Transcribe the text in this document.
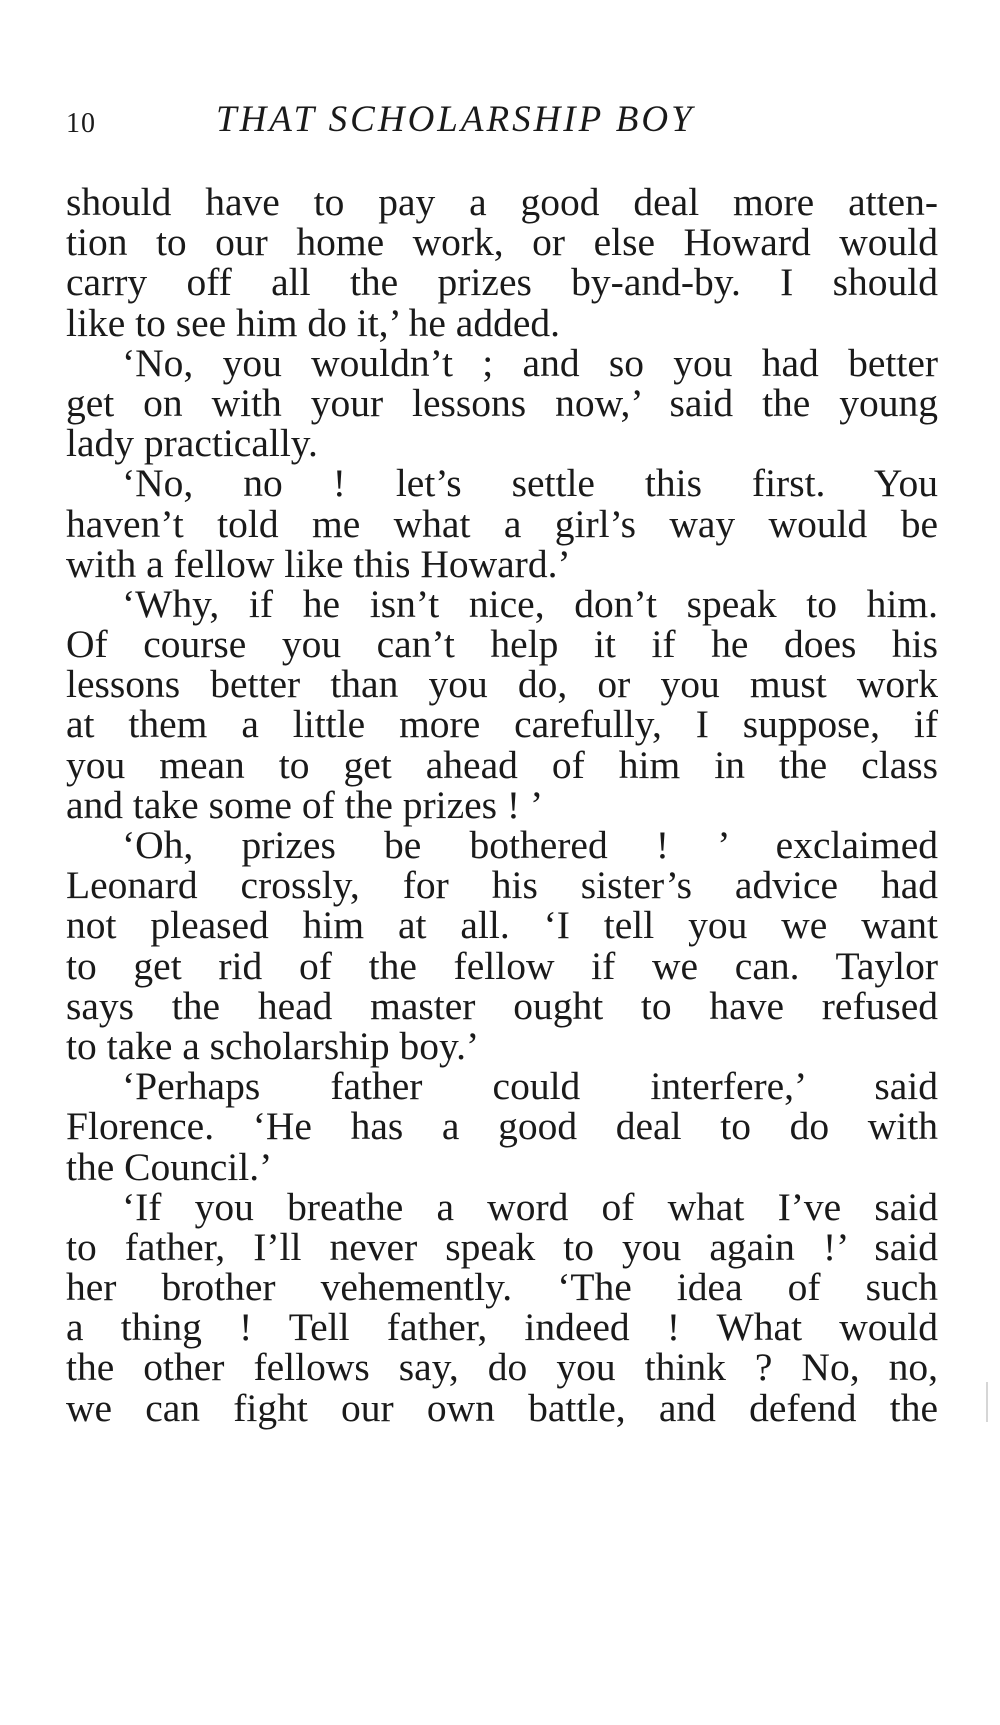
10	THAT SCHOLARSHIP BOY
should have to pay a good deal more atten-
tion to our home work, or else Howard would
carry off all the prizes by-and-by. I should
like to see him do it,’ he added.
‘No, you wouldn’t ; and so you had better
get on with your lessons now,’ said the young
lady practically.
‘No, no ! let’s settle this first. You
haven’t told me what a girl’s way would be
with a fellow like this Howard.’
‘Why, if he isn’t nice, don’t speak to him.
Of course you can’t help it if he does his
lessons better than you do, or you must work
at them a little more carefully, I suppose, if
you mean to get ahead of him in the class
and take some of the prizes ! ’
‘Oh, prizes be bothered ! ’ exclaimed
Leonard crossly, for his sister’s advice had
not pleased him at all. ‘I tell you we want
to get rid of the fellow if we can. Taylor
says the head master ought to have refused
to take a scholarship boy.’
‘Perhaps father could interfere,’ said
Florence. ‘He has a good deal to do with
the Council.’
‘If you breathe a word of what I’ve said
to father, I’ll never speak to you again !’ said
her brother vehemently. ‘The idea of such
a thing ! Tell father, indeed ! What would
the other fellows say, do you think ? No, no,
we can fight our own battle, and defend the
